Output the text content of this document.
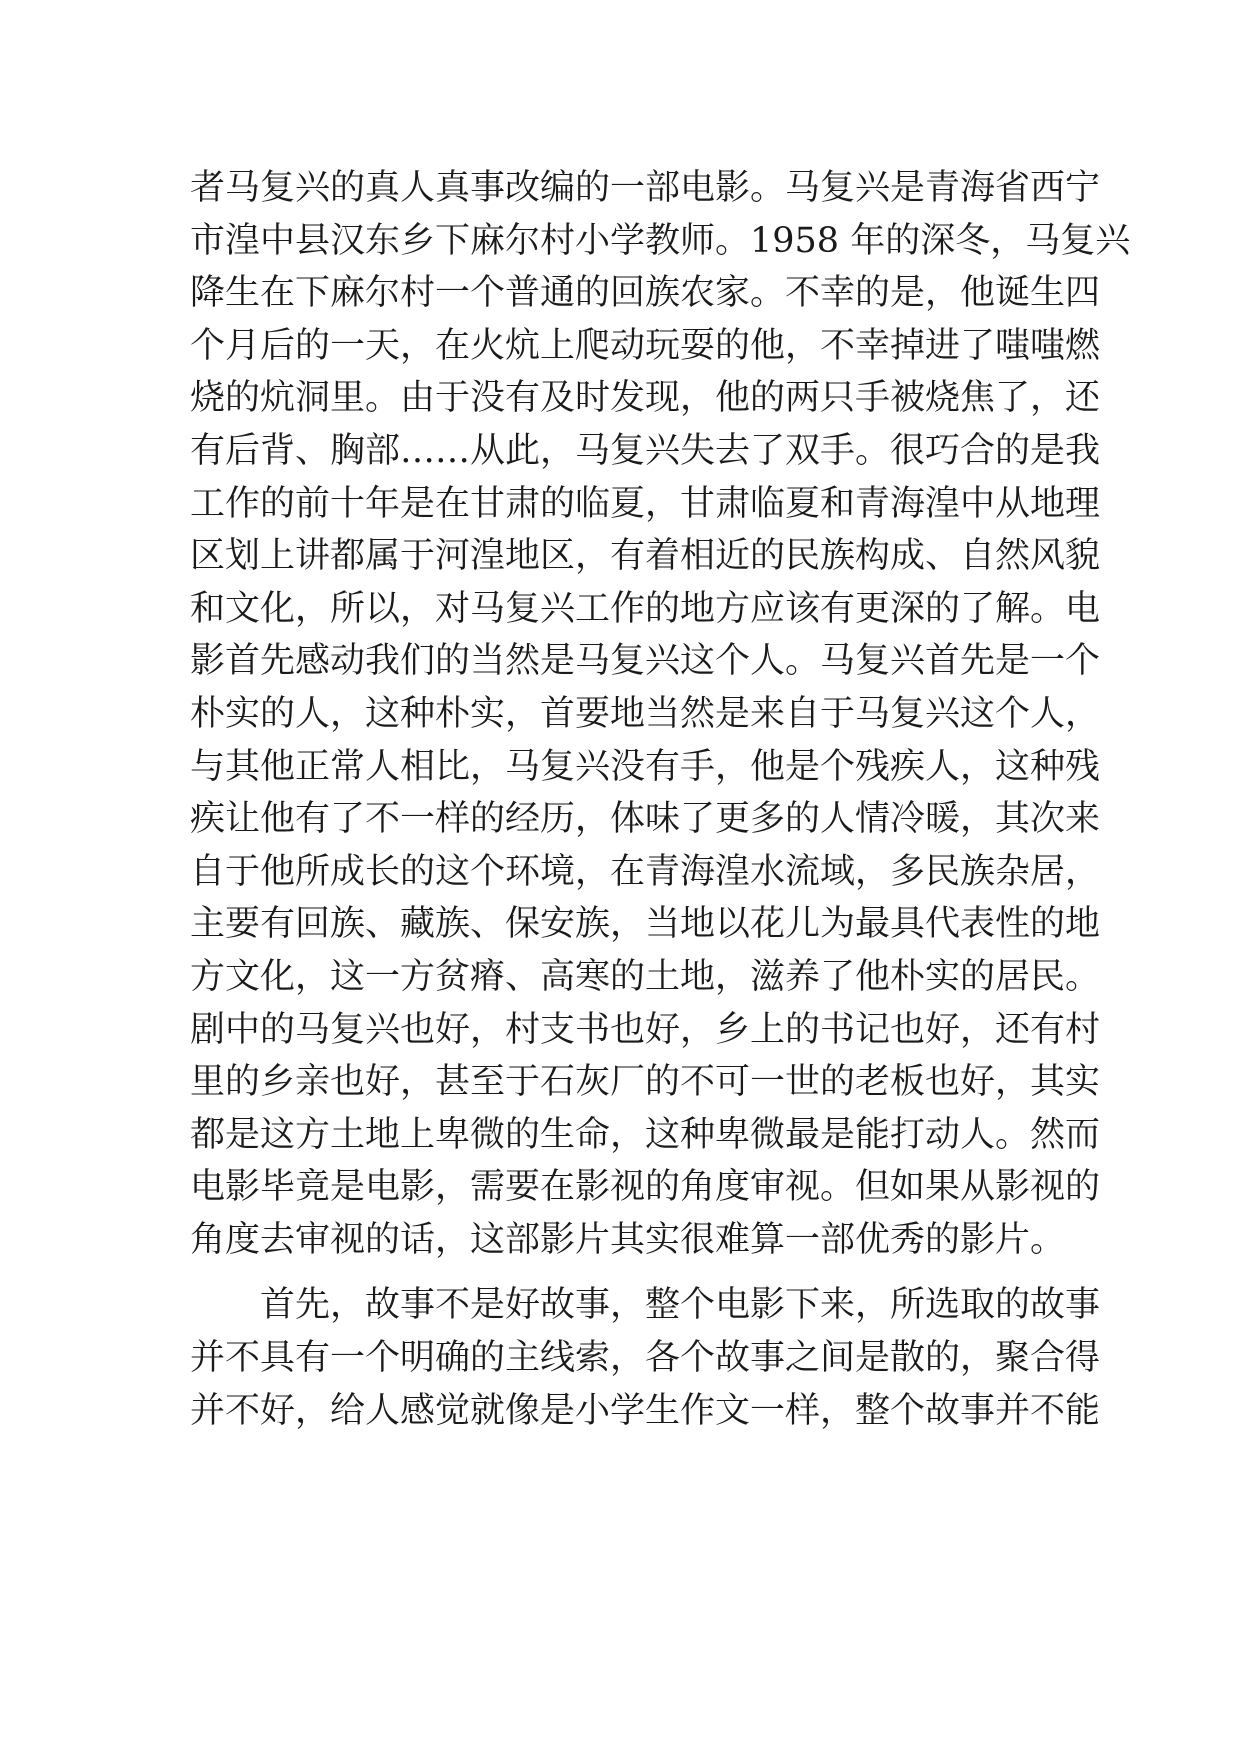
者马复兴的真人真事改编的一部电影。马复兴是青海省西宁
市湟中县汉东乡下麻尔村小学教师。1958 年的深冬，马复兴
降生在下麻尔村一个普通的回族农家。不幸的是，他诞生四
个月后的一天，在火炕上爬动玩耍的他，不幸掉进了嗤嗤燃
烧的炕洞里。由于没有及时发现，他的两只手被烧焦了，还
有后背、胸部……从此，马复兴失去了双手。很巧合的是我
工作的前十年是在甘肃的临夏，甘肃临夏和青海湟中从地理
区划上讲都属于河湟地区，有着相近的民族构成、自然风貌
和文化，所以，对马复兴工作的地方应该有更深的了解。电
影首先感动我们的当然是马复兴这个人。马复兴首先是一个
朴实的人，这种朴实，首要地当然是来自于马复兴这个人，
与其他正常人相比，马复兴没有手，他是个残疾人，这种残
疾让他有了不一样的经历，体味了更多的人情冷暖，其次来
自于他所成长的这个环境，在青海湟水流域，多民族杂居，
主要有回族、藏族、保安族，当地以花儿为最具代表性的地
方文化，这一方贫瘠、高寒的土地，滋养了他朴实的居民。
剧中的马复兴也好，村支书也好，乡上的书记也好，还有村
里的乡亲也好，甚至于石灰厂的不可一世的老板也好，其实
都是这方土地上卑微的生命，这种卑微最是能打动人。然而
电影毕竟是电影，需要在影视的角度审视。但如果从影视的
角度去审视的话，这部影片其实很难算一部优秀的影片。
首先，故事不是好故事，整个电影下来，所选取的故事
并不具有一个明确的主线索，各个故事之间是散的，聚合得
并不好，给人感觉就像是小学生作文一样，整个故事并不能
